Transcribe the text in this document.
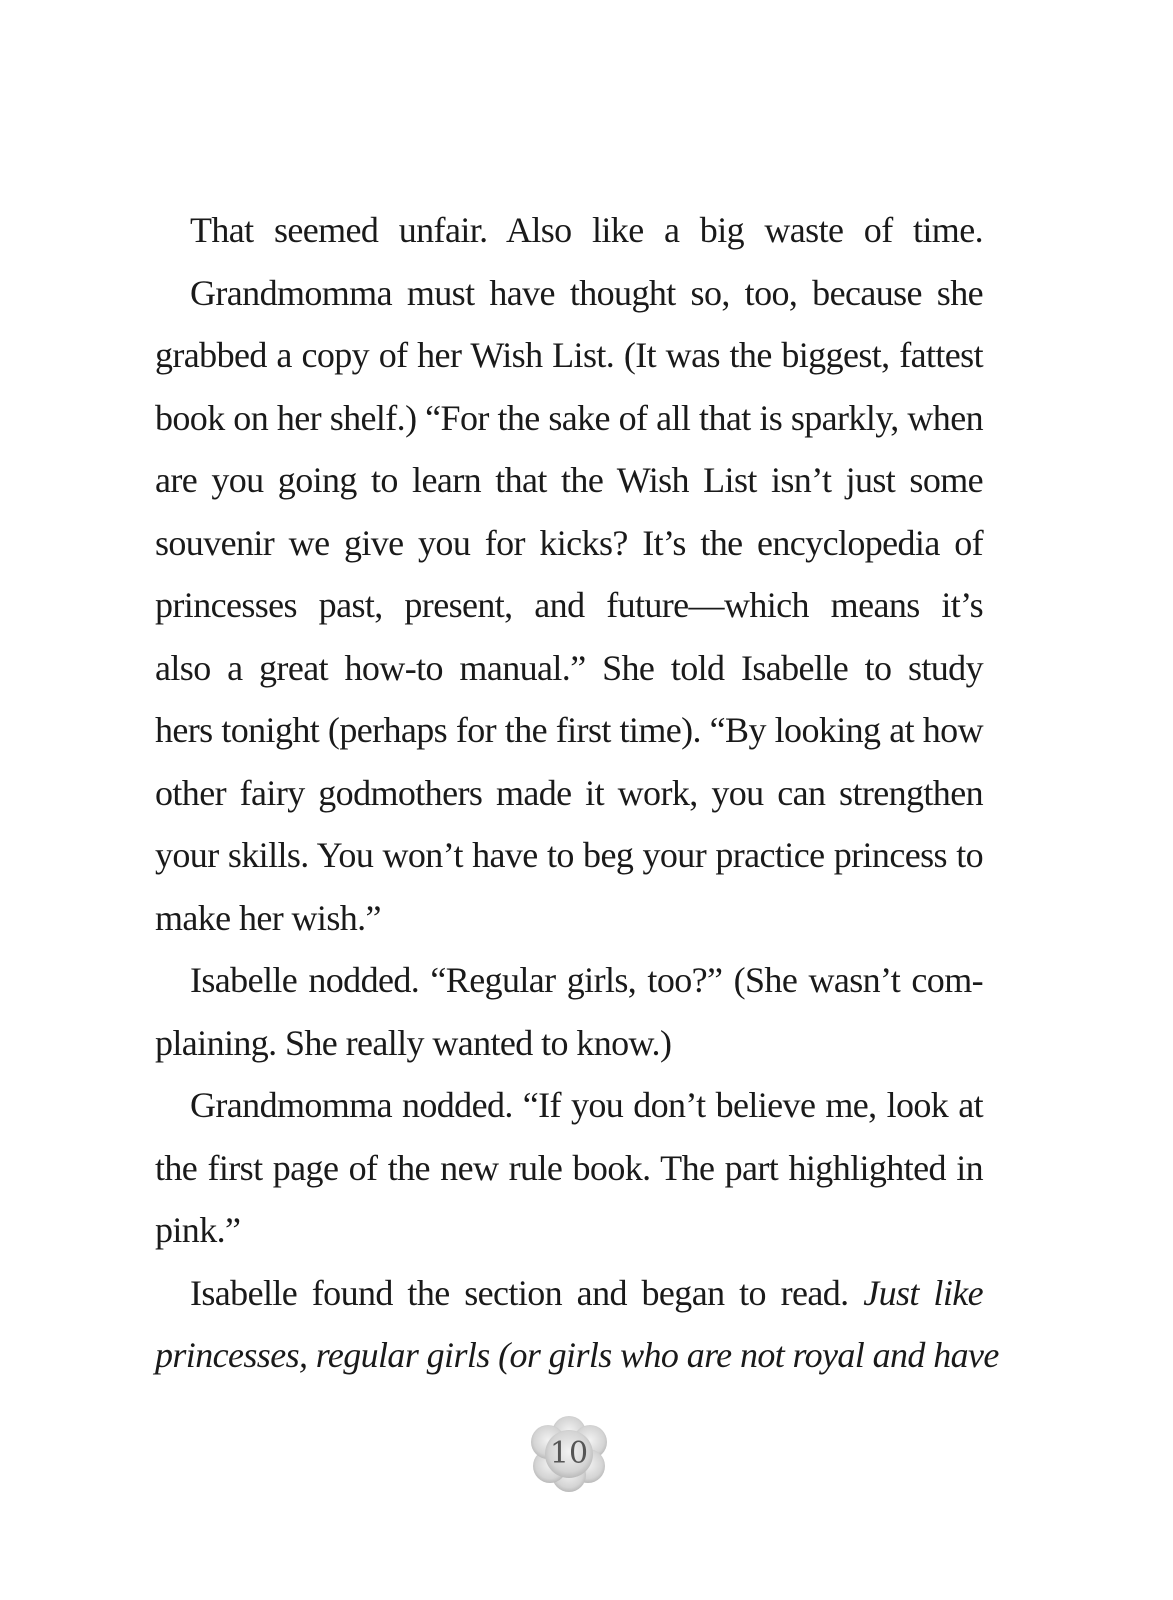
That seemed unfair. Also like a big waste of time.
Grandmomma must have thought so, too, because she
grabbed a copy of her Wish List. (It was the biggest, fattest
book on her shelf.) “For the sake of all that is sparkly, when
are you going to learn that the Wish List isn’t just some
souvenir we give you for kicks? It’s the encyclopedia of
princesses past, present, and future—which means it’s
also a great how-to manual.” She told Isabelle to study
hers tonight (perhaps for the first time). “By looking at how
other fairy godmothers made it work, you can strengthen
your skills. You won’t have to beg your practice princess to
make her wish.”
Isabelle nodded. “Regular girls, too?” (She wasn’t com-
plaining. She really wanted to know.)
Grandmomma nodded. “If you don’t believe me, look at
the first page of the new rule book. The part highlighted in
pink.”
Isabelle found the section and began to read. Just like
princesses, regular girls (or girls who are not royal and have
10
